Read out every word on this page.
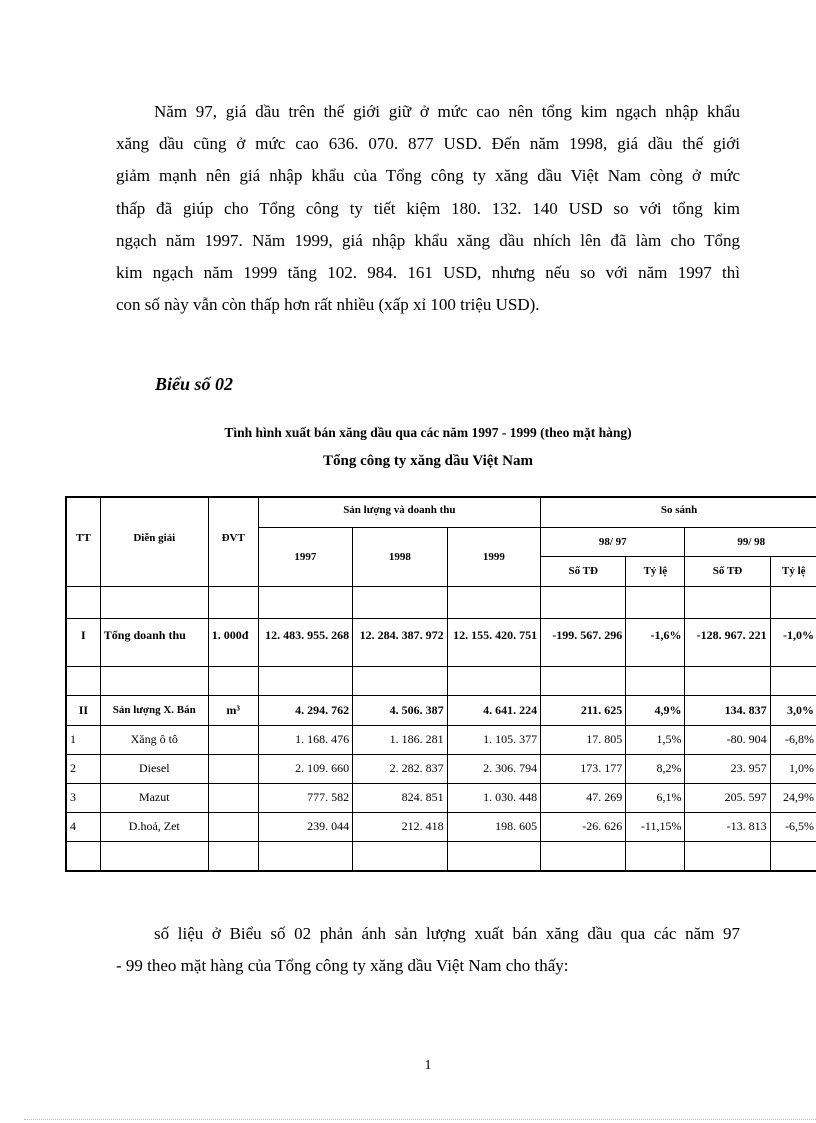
Năm 97, giá dầu trên thế giới giữ ở mức cao nên tổng kim ngạch nhập khẩu
xăng dầu cũng ở mức cao 636. 070. 877 USD. Đến năm 1998, giá dầu thế giới
giảm mạnh nên giá nhập khẩu của Tổng công ty xăng dầu Việt Nam còng ở mức
thấp đã giúp cho Tổng công ty tiết kiệm 180. 132. 140 USD so với tổng kim
ngạch năm 1997. Năm 1999, giá nhập khẩu xăng dầu nhích lên đã làm cho Tổng
kim ngạch năm 1999 tăng 102. 984. 161 USD, nhưng nếu so với năm 1997 thì
con số này vẫn còn thấp hơn rất nhiều (xấp xỉ 100 triệu USD).
Biểu số 02
Tình hình xuất bán xăng dầu qua các năm 1997 - 1999 (theo mặt hàng)
Tổng công ty xăng dầu Việt Nam
TT	Diễn giải	ĐVT	Sản lượng và doanh thu			So sánh			
			1997	1998	1999	98/ 97		99/ 98	
						Số TĐ	Tỷ lệ	Số TĐ	Tỷ lệ

I	Tổng doanh thu	1. 000đ	12. 483. 955. 268	12. 284. 387. 972	12. 155. 420. 751	-199. 567. 296	-1,6%	-128. 967. 221	-1,0%

II	Sản lượng X. Bán	m³	4. 294. 762	4. 506. 387	4. 641. 224	211. 625	4,9%	134. 837	3,0%
1	Xăng ô tô		1. 168. 476	1. 186. 281	1. 105. 377	17. 805	1,5%	-80. 904	-6,8%
2	Diesel		2. 109. 660	2. 282. 837	2. 306. 794	173. 177	8,2%	23. 957	1,0%
3	Mazut		777. 582	824. 851	1. 030. 448	47. 269	6,1%	205. 597	24,9%
4	D.hoả, Zet		239. 044	212. 418	198. 605	-26. 626	-11,15%	-13. 813	-6,5%

số liệu ở Biểu số 02 phản ánh sản lượng xuất bán xăng dầu qua các năm 97
- 99 theo mặt hàng của Tổng công ty xăng dầu Việt Nam cho thấy:
1
